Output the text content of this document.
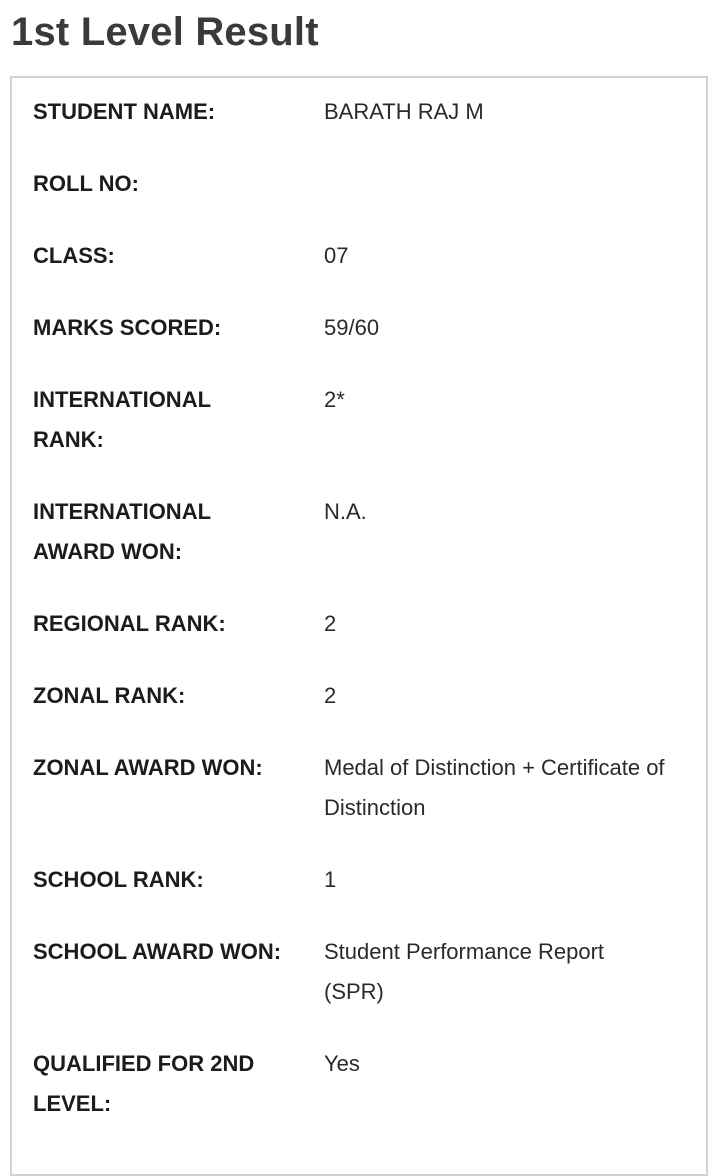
1st Level Result
STUDENT NAME:	BARATH RAJ M
ROLL NO:
CLASS:	07
MARKS SCORED:	59/60
INTERNATIONAL RANK:
2*
INTERNATIONAL AWARD WON:
N.A.
REGIONAL RANK:	2
ZONAL RANK:	2
ZONAL AWARD WON:	Medal of Distinction + Certificate of Distinction
SCHOOL RANK:	1
SCHOOL AWARD WON:	Student Performance Report (SPR)
QUALIFIED FOR 2ND LEVEL:
Yes
